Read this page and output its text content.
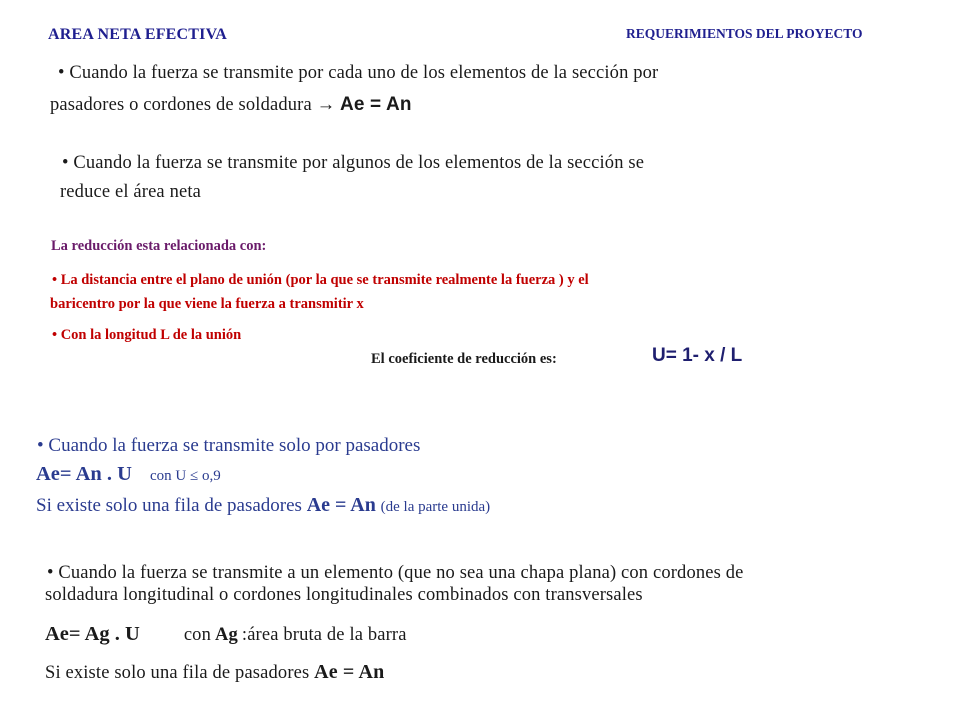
AREA NETA EFECTIVA	REQUERIMIENTOS DEL PROYECTO
• Cuando la fuerza se transmite por cada uno de los elementos de la sección por
pasadores o cordones de soldadura → Ae = An
• Cuando la fuerza se transmite por algunos de los elementos de la sección se
reduce el área neta
La reducción esta relacionada con:
• La distancia entre el plano de unión (por la que se transmite realmente la fuerza ) y el
baricentro por la que viene la fuerza a transmitir x
• Con la longitud L de la unión
El coeficiente de reducción es:	U= 1- x / L
• Cuando la fuerza se transmite solo por pasadores
Ae= An . U con U ≤ o,9
Si existe solo una fila de pasadores Ae = An (de la parte unida)
• Cuando la fuerza se transmite a un elemento (que no sea una chapa plana) con cordones de
soldadura longitudinal o cordones longitudinales combinados con transversales
Ae= Ag . U con Ag :área bruta de la barra
Si existe solo una fila de pasadores Ae = An
